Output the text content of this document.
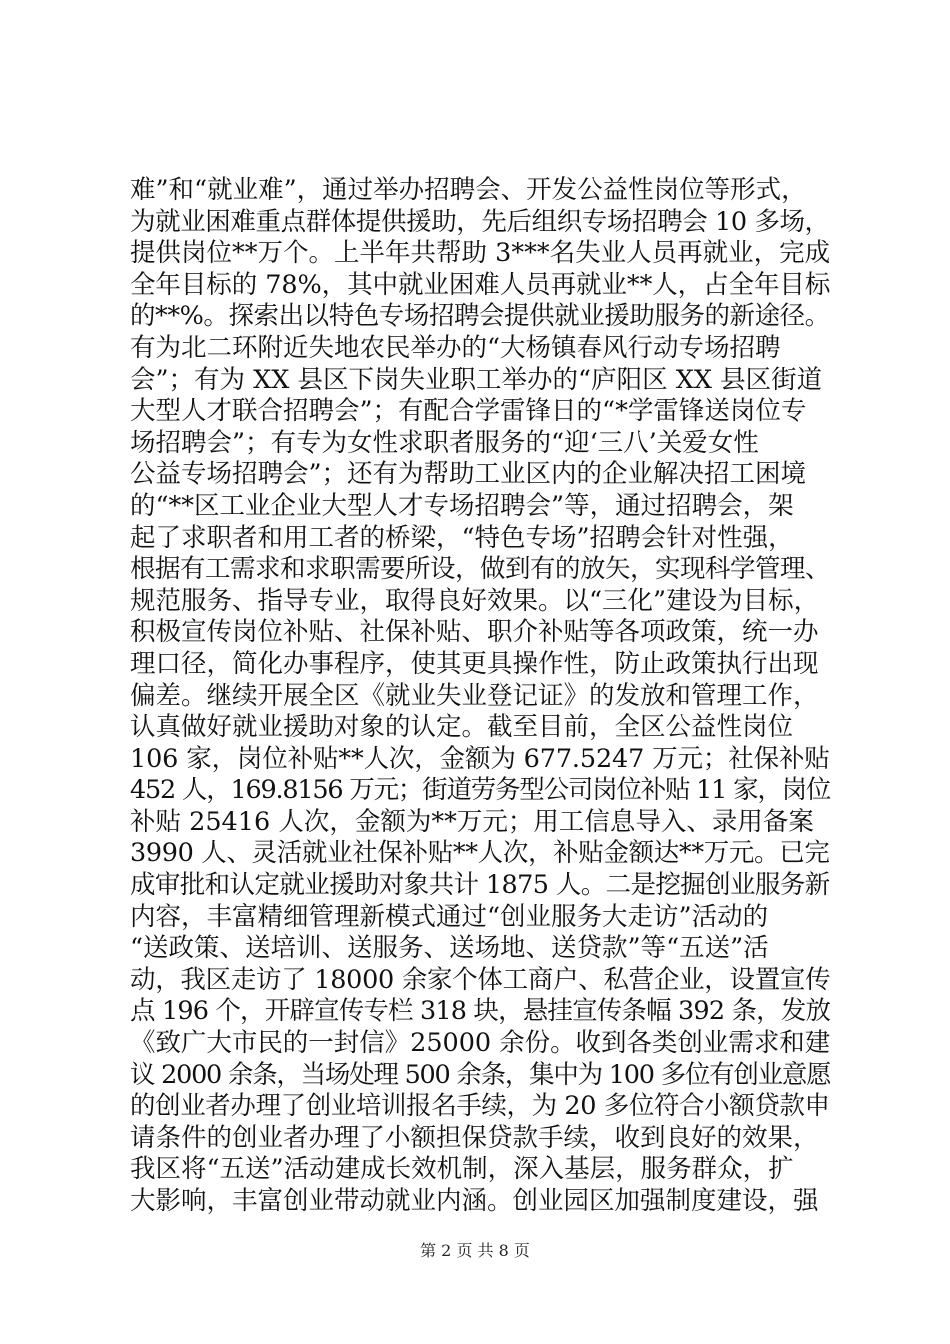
难”和“就业难”，通过举办招聘会、开发公益性岗位等形式，
为就业困难重点群体提供援助，先后组织专场招聘会 10 多场，
提供岗位**万个。上半年共帮助 3***名失业人员再就业，完成
全年目标的 78%，其中就业困难人员再就业**人，占全年目标
的**%。探索出以特色专场招聘会提供就业援助服务的新途径。
有为北二环附近失地农民举办的“大杨镇春风行动专场招聘
会”；有为 XX 县区下岗失业职工举办的“庐阳区 XX 县区街道
大型人才联合招聘会”；有配合学雷锋日的“*学雷锋送岗位专
场招聘会”；有专为女性求职者服务的“迎‘三八’关爱女性
公益专场招聘会”；还有为帮助工业区内的企业解决招工困境
的“**区工业企业大型人才专场招聘会”等，通过招聘会，架
起了求职者和用工者的桥梁，“特色专场”招聘会针对性强，
根据有工需求和求职需要所设，做到有的放矢，实现科学管理、
规范服务、指导专业，取得良好效果。以“三化”建设为目标，
积极宣传岗位补贴、社保补贴、职介补贴等各项政策，统一办
理口径，简化办事程序，使其更具操作性，防止政策执行出现
偏差。继续开展全区《就业失业登记证》的发放和管理工作，
认真做好就业援助对象的认定。截至目前，全区公益性岗位
106 家，岗位补贴**人次，金额为 677.5247 万元；社保补贴
452 人，169.8156 万元；街道劳务型公司岗位补贴 11 家，岗位
补贴 25416 人次，金额为**万元；用工信息导入、录用备案
3990 人、灵活就业社保补贴**人次，补贴金额达**万元。已完
成审批和认定就业援助对象共计 1875 人。二是挖掘创业服务新
内容，丰富精细管理新模式通过“创业服务大走访”活动的
“送政策、送培训、送服务、送场地、送贷款”等“五送”活
动，我区走访了 18000 余家个体工商户、私营企业，设置宣传
点 196 个，开辟宣传专栏 318 块，悬挂宣传条幅 392 条，发放
《致广大市民的一封信》25000 余份。收到各类创业需求和建
议 2000 余条，当场处理 500 余条，集中为 100 多位有创业意愿
的创业者办理了创业培训报名手续，为 20 多位符合小额贷款申
请条件的创业者办理了小额担保贷款手续，收到良好的效果，
我区将“五送”活动建成长效机制，深入基层，服务群众，扩
大影响，丰富创业带动就业内涵。创业园区加强制度建设，强
第 2 页 共 8 页
